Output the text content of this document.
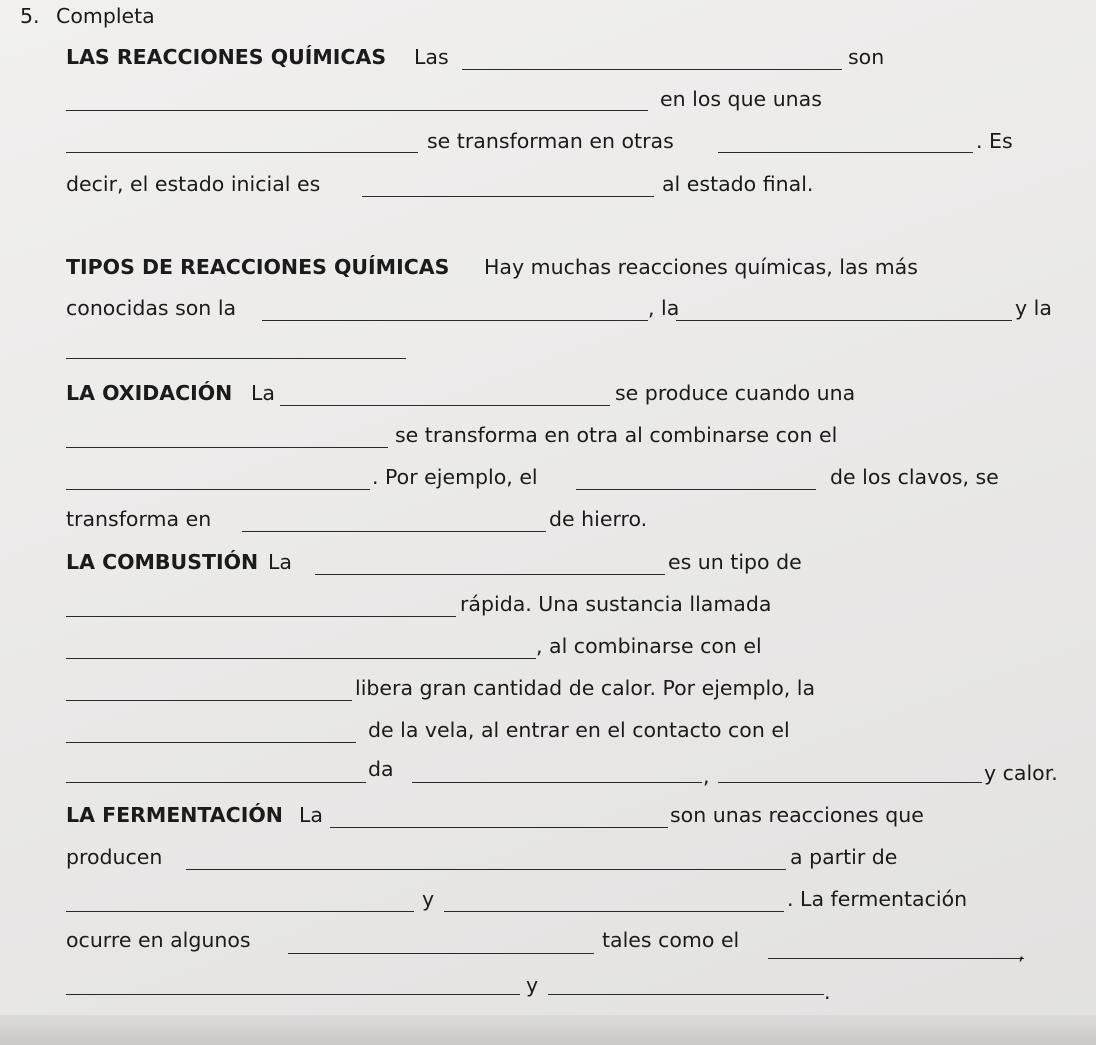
5. Completa
LAS REACCIONES QUÍMICAS Las	son
en los que unas
se transforman en otras	. Es
decir, el estado inicial es	al estado final.
TIPOS DE REACCIONES QUÍMICAS Hay muchas reacciones químicas, las más
conocidas son la	, la	y la
LA OXIDACIÓN La	se produce cuando una
se transforma en otra al combinarse con el
. Por ejemplo, el	de los clavos, se
transforma en	de hierro.
LA COMBUSTIÓN La	es un tipo de
rápida. Una sustancia llamada
, al combinarse con el
libera gran cantidad de calor. Por ejemplo, la
de la vela, al entrar en el contacto con el
da	,	y calor.
LA FERMENTACIÓN La	son unas reacciones que
producen	a partir de
y	. La fermentación
ocurre en algunos	tales como el	,
y	.
